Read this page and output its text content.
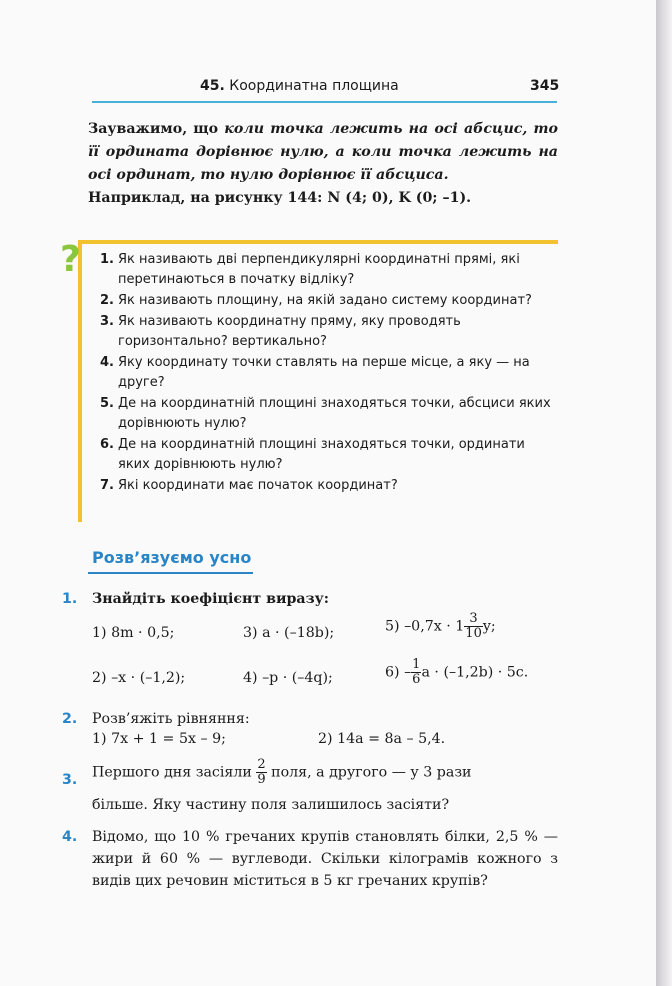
45. Координатна площина	345

Зауважимо, що коли точка лежить на осі абсцис, то її ордината дорівнює нулю, а коли точка лежить на осі ординат, то нулю дорівнює її абсциса.

Наприклад, на рисунку 144: N (4; 0), K (0; –1).

?	1. Як називають дві перпендикулярні координатні прямі, які перетинаються в початку відліку?
2. Як називають площину, на якій задано систему координат?
3. Як називають координатну пряму, яку проводять горизонтально? вертикально?
4. Яку координату точки ставлять на перше місце, а яку — на друге?
5. Де на координатній площині знаходяться точки, абсциси яких дорівнюють нулю?
6. Де на координатній площині знаходяться точки, ординати яких дорівнюють нулю?
7. Які координати має початок координат?
Розв’язуємо усно
1. Знайдіть коефіцієнт виразу:
1) 8m · 0,5;	3) a · (–18b);	5) $-0,7x \cdot 1 \frac{3}{10} y$;
2) –x · (–1,2);	4) –p · (–4q);	$6) - \frac{1}{6}$ a · (–1,2b) · 5c.
2. Розв’яжіть рівняння:
1) 7x + 1 = 5x – 9;	2) 14a = 8a – 5,4.
3. Першого дня засіяли $\frac{2}{9}$ поля, а другого — у 3 рази
більше. Яку частину поля залишилось засіяти?
4. Відомо, що 10 % гречаних крупів становлять білки, 2,5 % — жири й 60 % — вуглеводи. Скільки кілограмів кожного з видів цих речовин міститься в 5 кг гречаних крупів?
